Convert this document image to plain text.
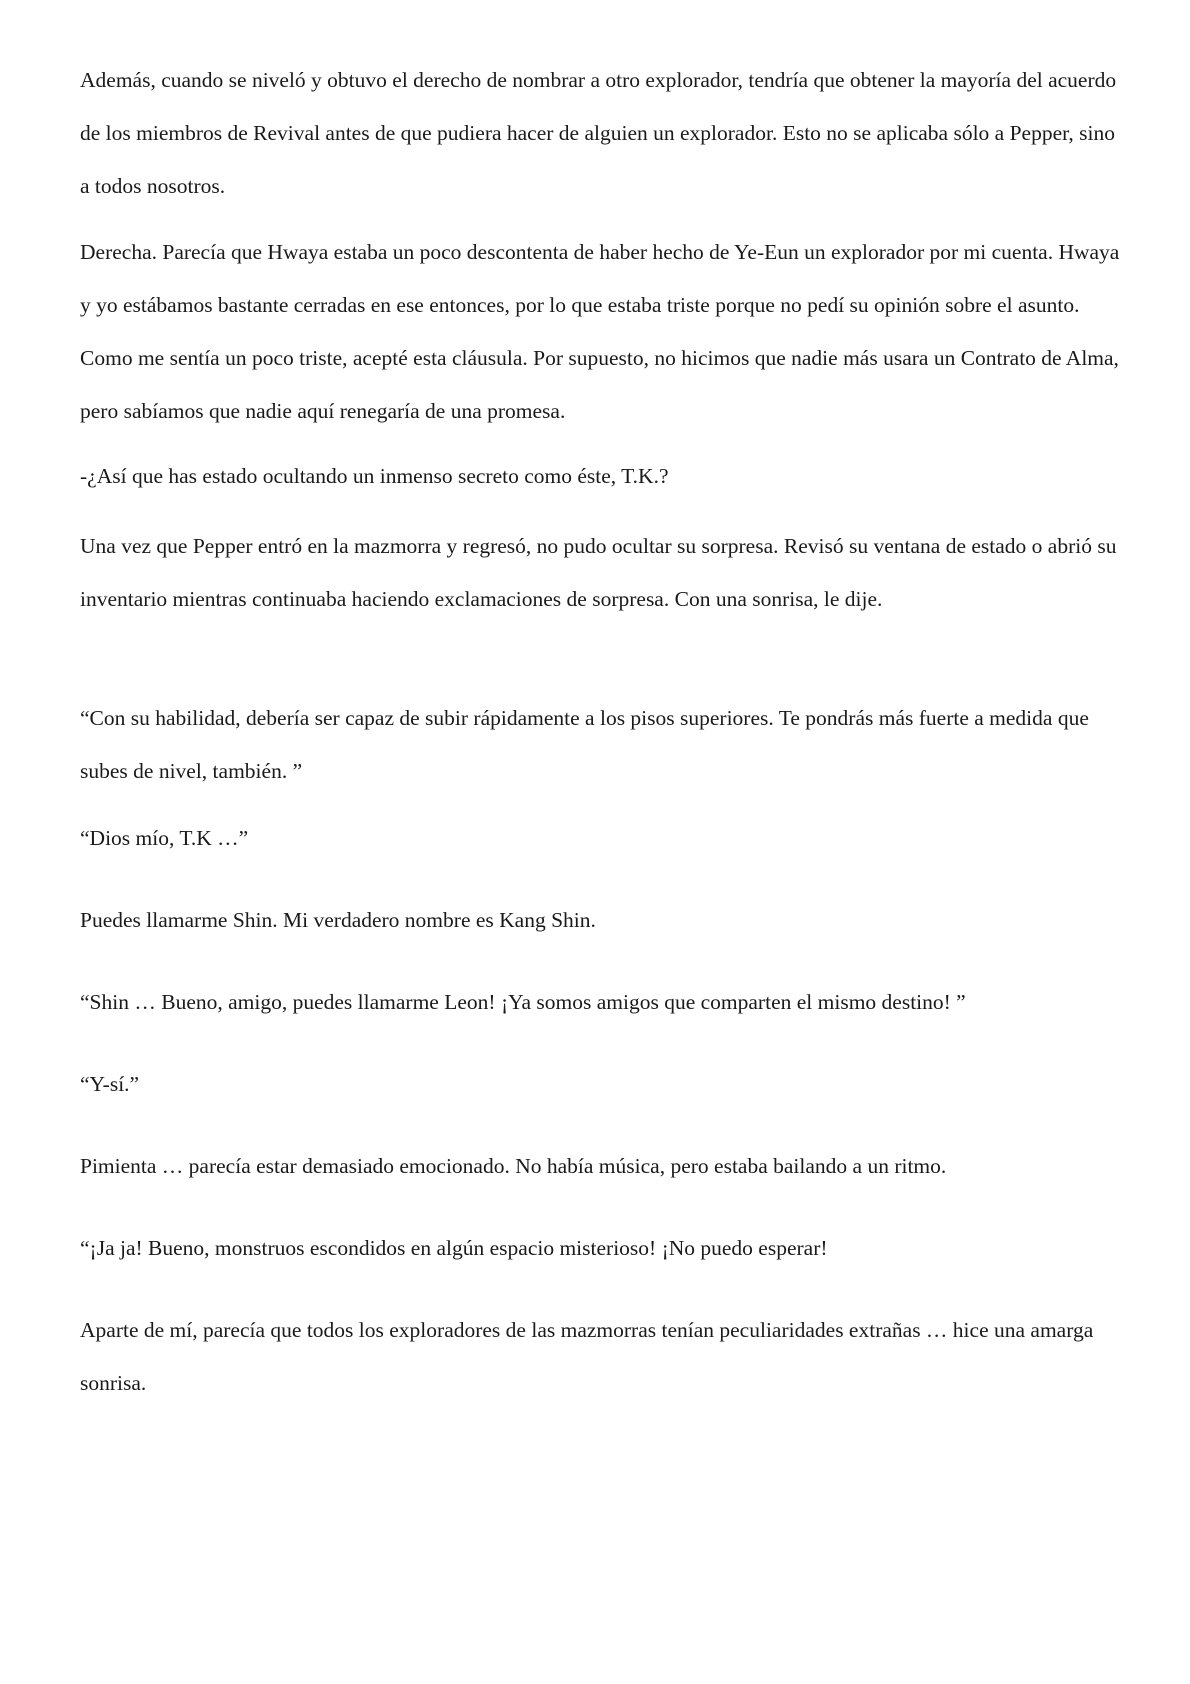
Además, cuando se niveló y obtuvo el derecho de nombrar a otro explorador, tendría que obtener la mayoría del acuerdo de los miembros de Revival antes de que pudiera hacer de alguien un explorador. Esto no se aplicaba sólo a Pepper, sino a todos nosotros.

Derecha. Parecía que Hwaya estaba un poco descontenta de haber hecho de Ye-Eun un explorador por mi cuenta. Hwaya y yo estábamos bastante cerradas en ese entonces, por lo que estaba triste porque no pedí su opinión sobre el asunto. Como me sentía un poco triste, acepté esta cláusula. Por supuesto, no hicimos que nadie más usara un Contrato de Alma, pero sabíamos que nadie aquí renegaría de una promesa.

-¿Así que has estado ocultando un inmenso secreto como éste, T.K.?

Una vez que Pepper entró en la mazmorra y regresó, no pudo ocultar su sorpresa. Revisó su ventana de estado o abrió su inventario mientras continuaba haciendo exclamaciones de sorpresa. Con una sonrisa, le dije.

“Con su habilidad, debería ser capaz de subir rápidamente a los pisos superiores. Te pondrás más fuerte a medida que subes de nivel, también. ”

“Dios mío, T.K …”

Puedes llamarme Shin. Mi verdadero nombre es Kang Shin.

“Shin … Bueno, amigo, puedes llamarme Leon! ¡Ya somos amigos que comparten el mismo destino! ”

“Y-sí.”

Pimienta … parecía estar demasiado emocionado. No había música, pero estaba bailando a un ritmo.

“¡Ja ja! Bueno, monstruos escondidos en algún espacio misterioso! ¡No puedo esperar!

Aparte de mí, parecía que todos los exploradores de las mazmorras tenían peculiaridades extrañas … hice una amarga sonrisa.
